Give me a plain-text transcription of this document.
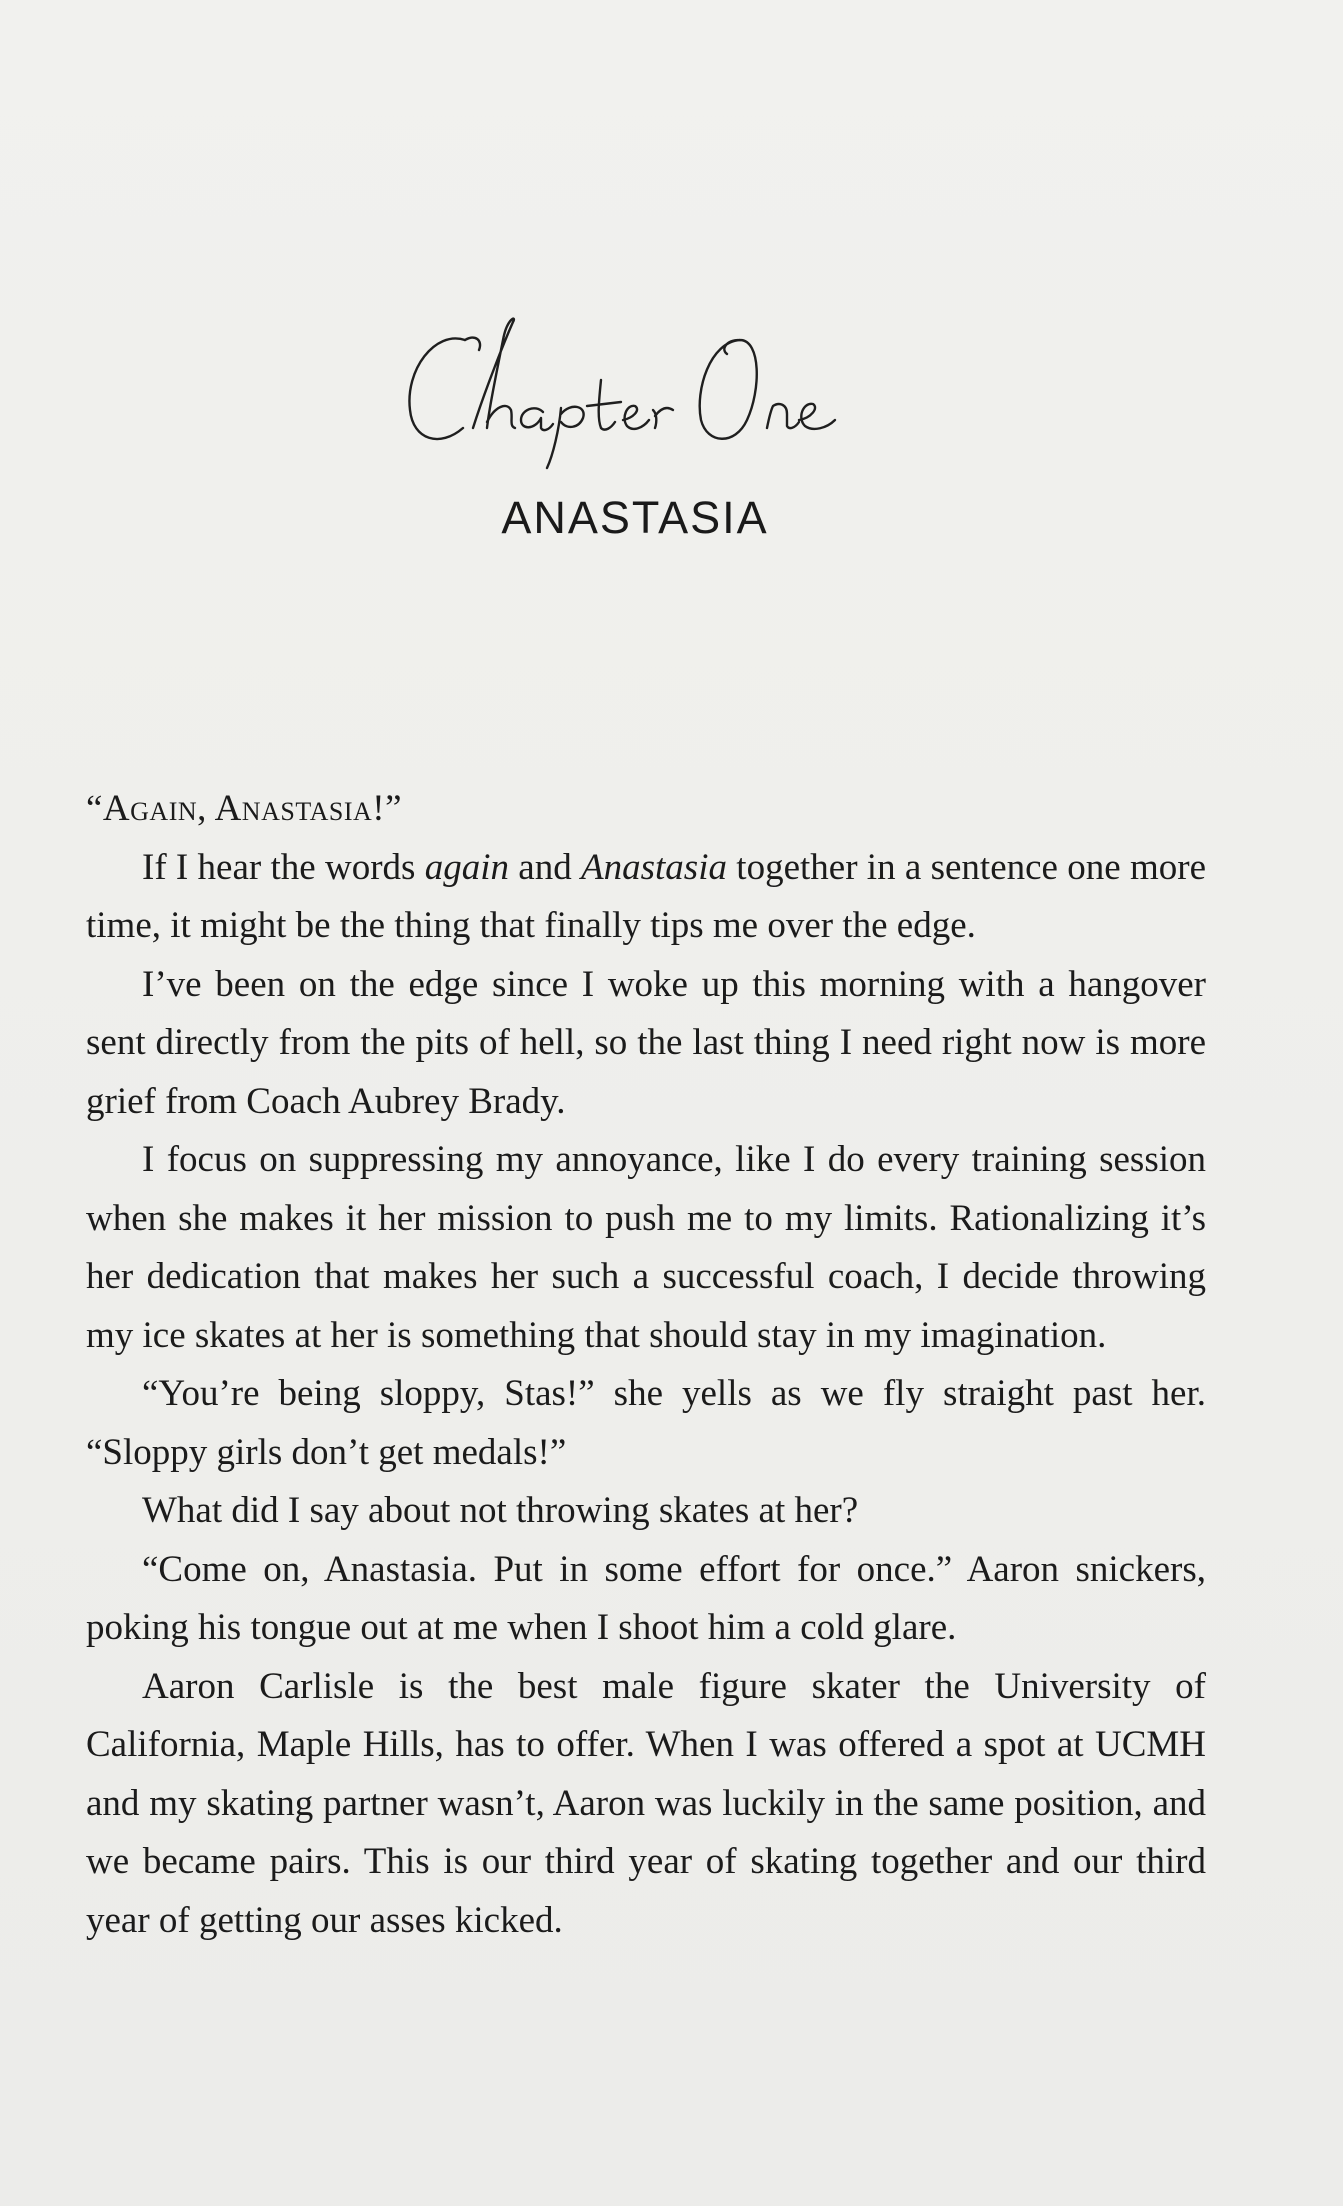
ANASTASIA

“Again, Anastasia!”

If I hear the words again and Anastasia together in a sentence one more time, it might be the thing that finally tips me over the edge.

I’ve been on the edge since I woke up this morning with a hangover sent directly from the pits of hell, so the last thing I need right now is more grief from Coach Aubrey Brady.

I focus on suppressing my annoyance, like I do every training session when she makes it her mission to push me to my limits. Rationalizing it’s her dedication that makes her such a successful coach, I decide throwing my ice skates at her is something that should stay in my imagination.

“You’re being sloppy, Stas!” she yells as we fly straight past her. “Sloppy girls don’t get medals!”

What did I say about not throwing skates at her?

“Come on, Anastasia. Put in some effort for once.” Aaron snickers, poking his tongue out at me when I shoot him a cold glare.

Aaron Carlisle is the best male figure skater the University of California, Maple Hills, has to offer. When I was offered a spot at UCMH and my skating partner wasn’t, Aaron was luckily in the same position, and we became pairs. This is our third year of skating together and our third year of getting our asses kicked.
